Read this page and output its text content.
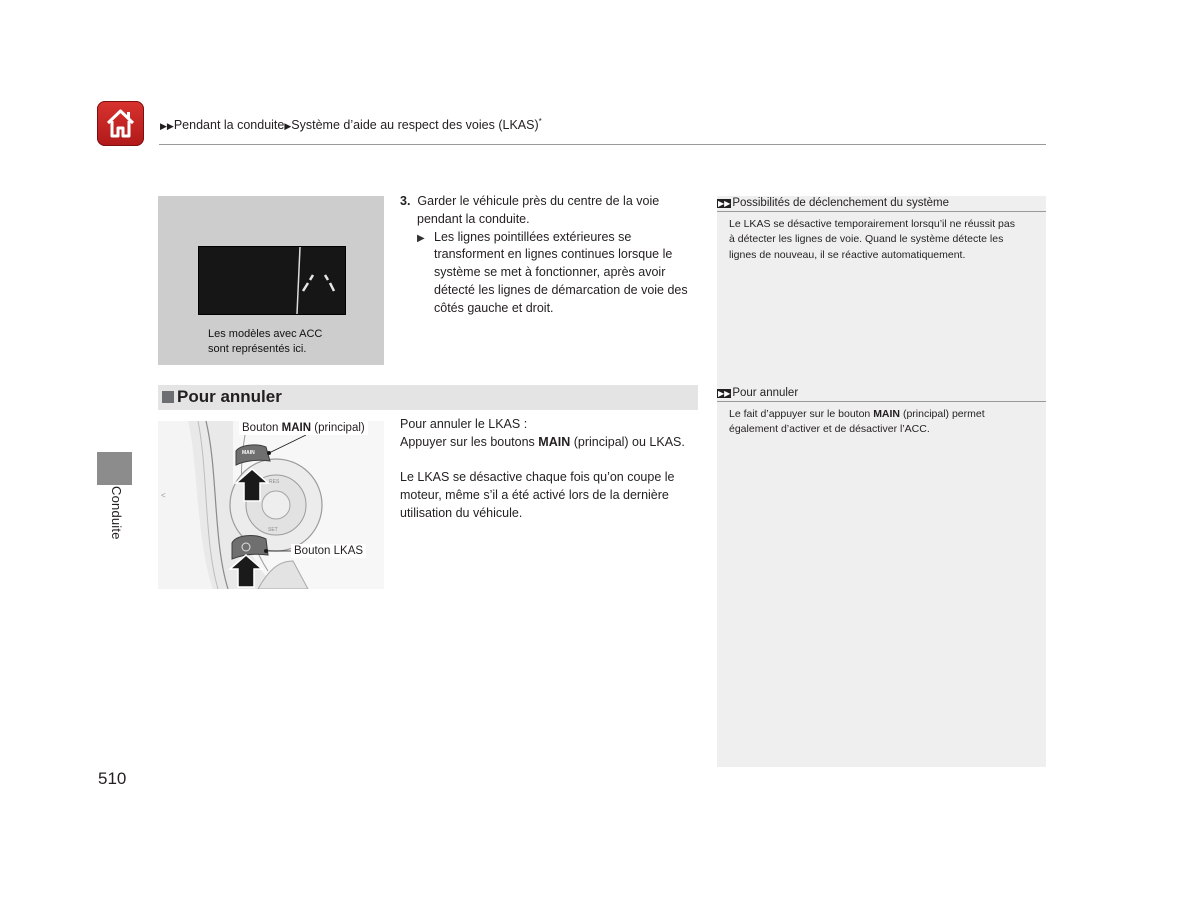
▶▶Pendant la conduite▶Système d’aide au respect des voies (LKAS)*
Conduite
510
Les modèles avec ACC
sont représentés ici.
3. Garder le véhicule près du centre de la voie
pendant la conduite.
▶ Les lignes pointillées extérieures se
transforment en lignes continues lorsque le
système se met à fonctionner, après avoir
détecté les lignes de démarcation de voie des
côtés gauche et droit.
Pour annuler
RES
SET
<
MAIN
Bouton MAIN (principal)
Bouton LKAS

Pour annuler le LKAS :

Appuyer sur les boutons MAIN (principal) ou LKAS.

Le LKAS se désactive chaque fois qu’on coupe le

moteur, même s’il a été activé lors de la dernière

utilisation du véhicule.

▶▶ Possibilités de déclenchement du système
Le LKAS se désactive temporairement lorsqu’il ne réussit pas
à détecter les lignes de voie. Quand le système détecte les
lignes de nouveau, il se réactive automatiquement.
▶▶ Pour annuler
Le fait d’appuyer sur le bouton MAIN (principal) permet
également d’activer et de désactiver l’ACC.
